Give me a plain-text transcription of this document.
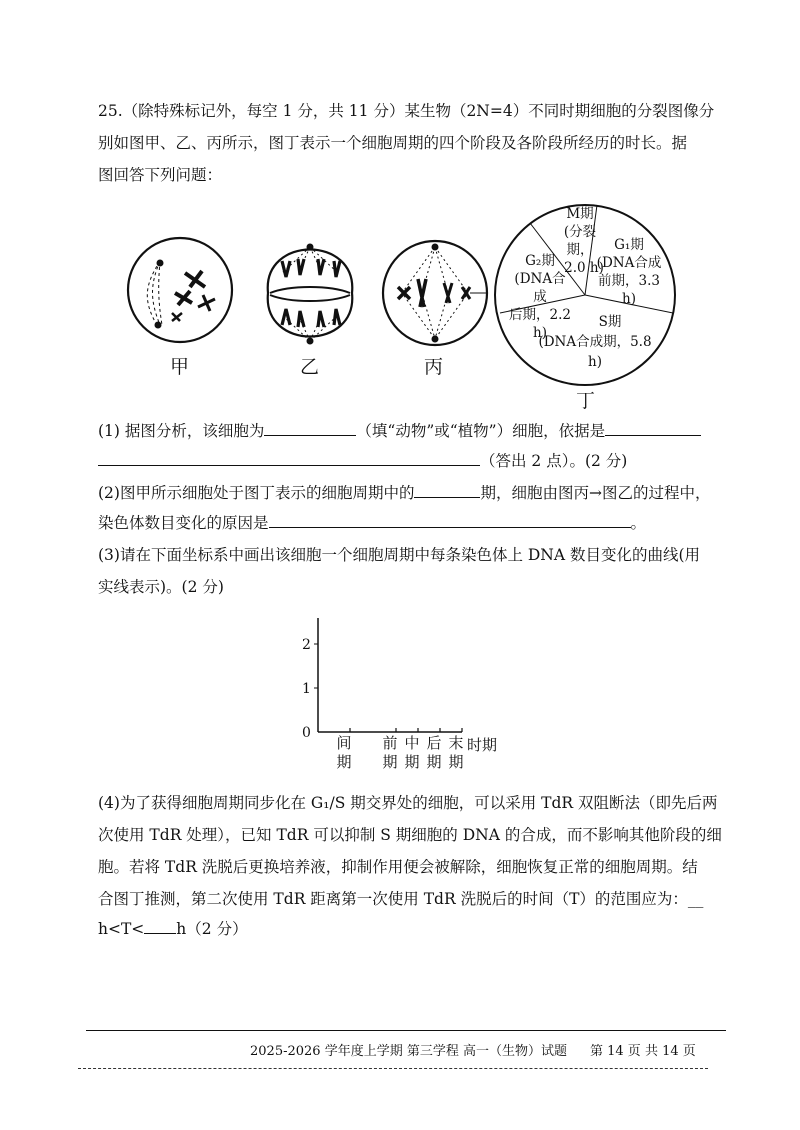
25.（除特殊标记外，每空 1 分，共 11 分）某生物（2N=4）不同时期细胞的分裂图像分
别如图甲、乙、丙所示，图丁表示一个细胞周期的四个阶段及各阶段所经历的时长。据
图回答下列问题：
M期
(分裂期，
2.0 h)
G₁期
(DNA合成
前期，3.3 h)
G₂期
(DNA合成
后期，2.2 h)
S期
(DNA合成期，5.8 h)
甲	乙	丙
丁
(1) 据图分析，该细胞为	（填“动物”或“植物”）细胞，依据是
（答出 2 点）。(2 分)
(2)图甲所示细胞处于图丁表示的细胞周期中的	期，细胞由图丙→图乙的过程中，
染色体数目变化的原因是	。
(3)请在下面坐标系中画出该细胞一个细胞周期中每条染色体上 DNA 数目变化的曲线(用
实线表示)。(2 分)
0
1
2
间
期
前
期
中
期
后
期
末
期
时期
(4)为了获得细胞周期同步化在 G₁/S 期交界处的细胞，可以采用 TdR 双阻断法（即先后两
次使用 TdR 处理），已知 TdR 可以抑制 S 期细胞的 DNA 的合成，而不影响其他阶段的细
胞。若将 TdR 洗脱后更换培养液，抑制作用便会被解除，细胞恢复正常的细胞周期。结
合图丁推测，第二次使用 TdR 距离第一次使用 TdR 洗脱后的时间（T）的范围应为：__
h<T< h（2 分）
2025-2026 学年度上学期 第三学程 高一（生物）试题 第 14 页 共 14 页
